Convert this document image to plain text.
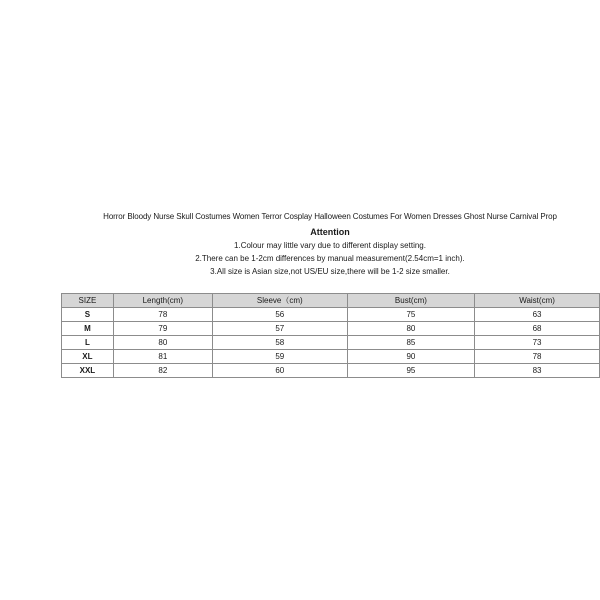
Horror Bloody Nurse Skull Costumes Women Terror Cosplay Halloween Costumes For Women Dresses Ghost Nurse Carnival Prop
Attention
1.Colour may little vary due to different display setting.
2.There can be 1-2cm differences by manual measurement(2.54cm=1 inch).
3.All size is Asian size,not US/EU size,there will be 1-2 size smaller.
SIZE	Length(cm)	Sleeve（cm)	Bust(cm)	Waist(cm)
S	78	56	75	63
M	79	57	80	68
L	80	58	85	73
XL	81	59	90	78
XXL	82	60	95	83
